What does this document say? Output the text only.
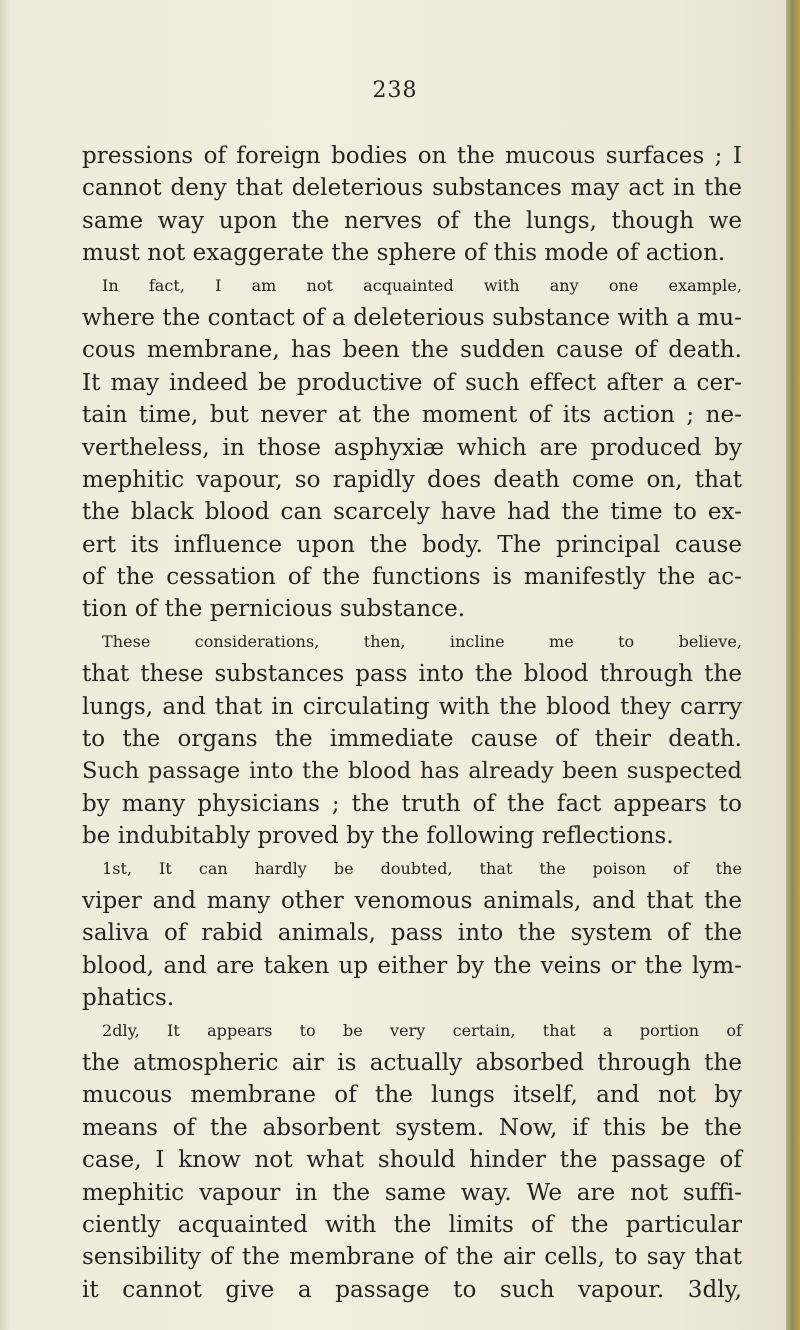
238
pressions of foreign bodies on the mucous surfaces ; I
cannot deny that deleterious substances may act in the
same way upon the nerves of the lungs, though we
must not exaggerate the sphere of this mode of action.
In fact, I am not acquainted with any one example,
where the contact of a deleterious substance with a mu-
cous membrane, has been the sudden cause of death.
It may indeed be productive of such effect after a cer-
tain time, but never at the moment of its action ; ne-
vertheless, in those asphyxiæ which are produced by
mephitic vapour, so rapidly does death come on, that
the black blood can scarcely have had the time to ex-
ert its influence upon the body. The principal cause
of the cessation of the functions is manifestly the ac-
tion of the pernicious substance.
These considerations, then, incline me to believe,
that these substances pass into the blood through the
lungs, and that in circulating with the blood they carry
to the organs the immediate cause of their death.
Such passage into the blood has already been suspected
by many physicians ; the truth of the fact appears to
be indubitably proved by the following reflections.
1st, It can hardly be doubted, that the poison of the
viper and many other venomous animals, and that the
saliva of rabid animals, pass into the system of the
blood, and are taken up either by the veins or the lym-
phatics.
2dly, It appears to be very certain, that a portion of
the atmospheric air is actually absorbed through the
mucous membrane of the lungs itself, and not by
means of the absorbent system. Now, if this be the
case, I know not what should hinder the passage of
mephitic vapour in the same way. We are not suffi-
ciently acquainted with the limits of the particular
sensibility of the membrane of the air cells, to say that
it cannot give a passage to such vapour. 3dly,
